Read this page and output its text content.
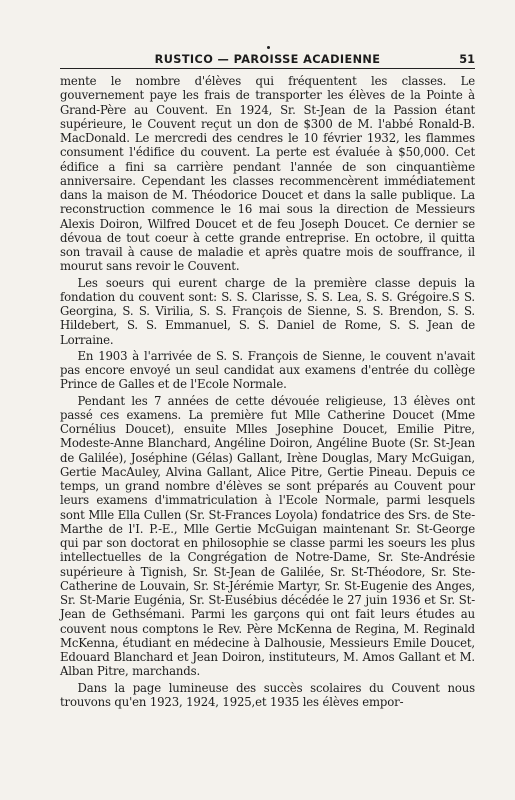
RUSTICO — PAROISSE ACADIENNE	51

mente le nombre d'élèves qui fréquentent les classes. Le gouvernement paye les frais de transporter les élèves de la Pointe à Grand-Père au Couvent. En 1924, Sr. St-Jean de la Passion étant supérieure, le Couvent reçut un don de $300 de M. l'abbé Ronald-B. MacDonald. Le mercredi des cendres le 10 février 1932, les flammes consument l'édifice du couvent. La perte est évaluée à $50,000. Cet édifice a fini sa carrière pendant l'année de son cinquantième anniversaire. Cependant les classes recommencèrent immédiatement dans la maison de M. Théodorice Doucet et dans la salle publique. La reconstruction commence le 16 mai sous la direction de Messieurs Alexis Doiron, Wilfred Doucet et de feu Joseph Doucet. Ce dernier se dévoua de tout coeur à cette grande entreprise. En octobre, il quitta son travail à cause de maladie et après quatre mois de souffrance, il mourut sans revoir le Couvent.

Les soeurs qui eurent charge de la première classe depuis la fondation du couvent sont: S. S. Clarisse, S. S. Lea, S. S. Grégoire.S S. Georgina, S. S. Virilia, S. S. François de Sienne, S. S. Brendon, S. S. Hildebert, S. S. Emmanuel, S. S. Daniel de Rome, S. S. Jean de Lorraine.

En 1903 à l'arrivée de S. S. François de Sienne, le couvent n'avait pas encore envoyé un seul candidat aux examens d'entrée du collège Prince de Galles et de l'Ecole Normale.

Pendant les 7 années de cette dévouée religieuse, 13 élèves ont passé ces examens. La première fut Mlle Catherine Doucet (Mme Cornélius Doucet), ensuite Mlles Josephine Doucet, Emilie Pitre, Modeste-Anne Blanchard, Angéline Doiron, Angéline Buote (Sr. St-Jean de Galilée), Joséphine (Gélas) Gallant, Irène Douglas, Mary McGuigan, Gertie MacAuley, Alvina Gallant, Alice Pitre, Gertie Pineau. Depuis ce temps, un grand nombre d'élèves se sont préparés au Couvent pour leurs examens d'immatriculation à l'Ecole Normale, parmi lesquels sont Mlle Ella Cullen (Sr. St-Frances Loyola) fondatrice des Srs. de Ste-Marthe de l'I. P.-E., Mlle Gertie McGuigan maintenant Sr. St-George qui par son doctorat en philosophie se classe parmi les soeurs les plus intellectuelles de la Congrégation de Notre-Dame, Sr. Ste-Andrésie supérieure à Tignish, Sr. St-Jean de Galilée, Sr. St-Théodore, Sr. Ste-Catherine de Louvain, Sr. St-Jérémie Martyr, Sr. St-Eugenie des Anges, Sr. St-Marie Eugénia, Sr. St-Eusébius décédée le 27 juin 1936 et Sr. St-Jean de Gethsémani. Parmi les garçons qui ont fait leurs études au couvent nous comptons le Rev. Père McKenna de Regina, M. Reginald McKenna, étudiant en médecine à Dalhousie, Messieurs Emile Doucet, Edouard Blanchard et Jean Doiron, instituteurs, M. Amos Gallant et M. Alban Pitre, marchands.

Dans la page lumineuse des succès scolaires du Couvent nous trouvons qu'en 1923, 1924, 1925,et 1935 les élèves empor-
